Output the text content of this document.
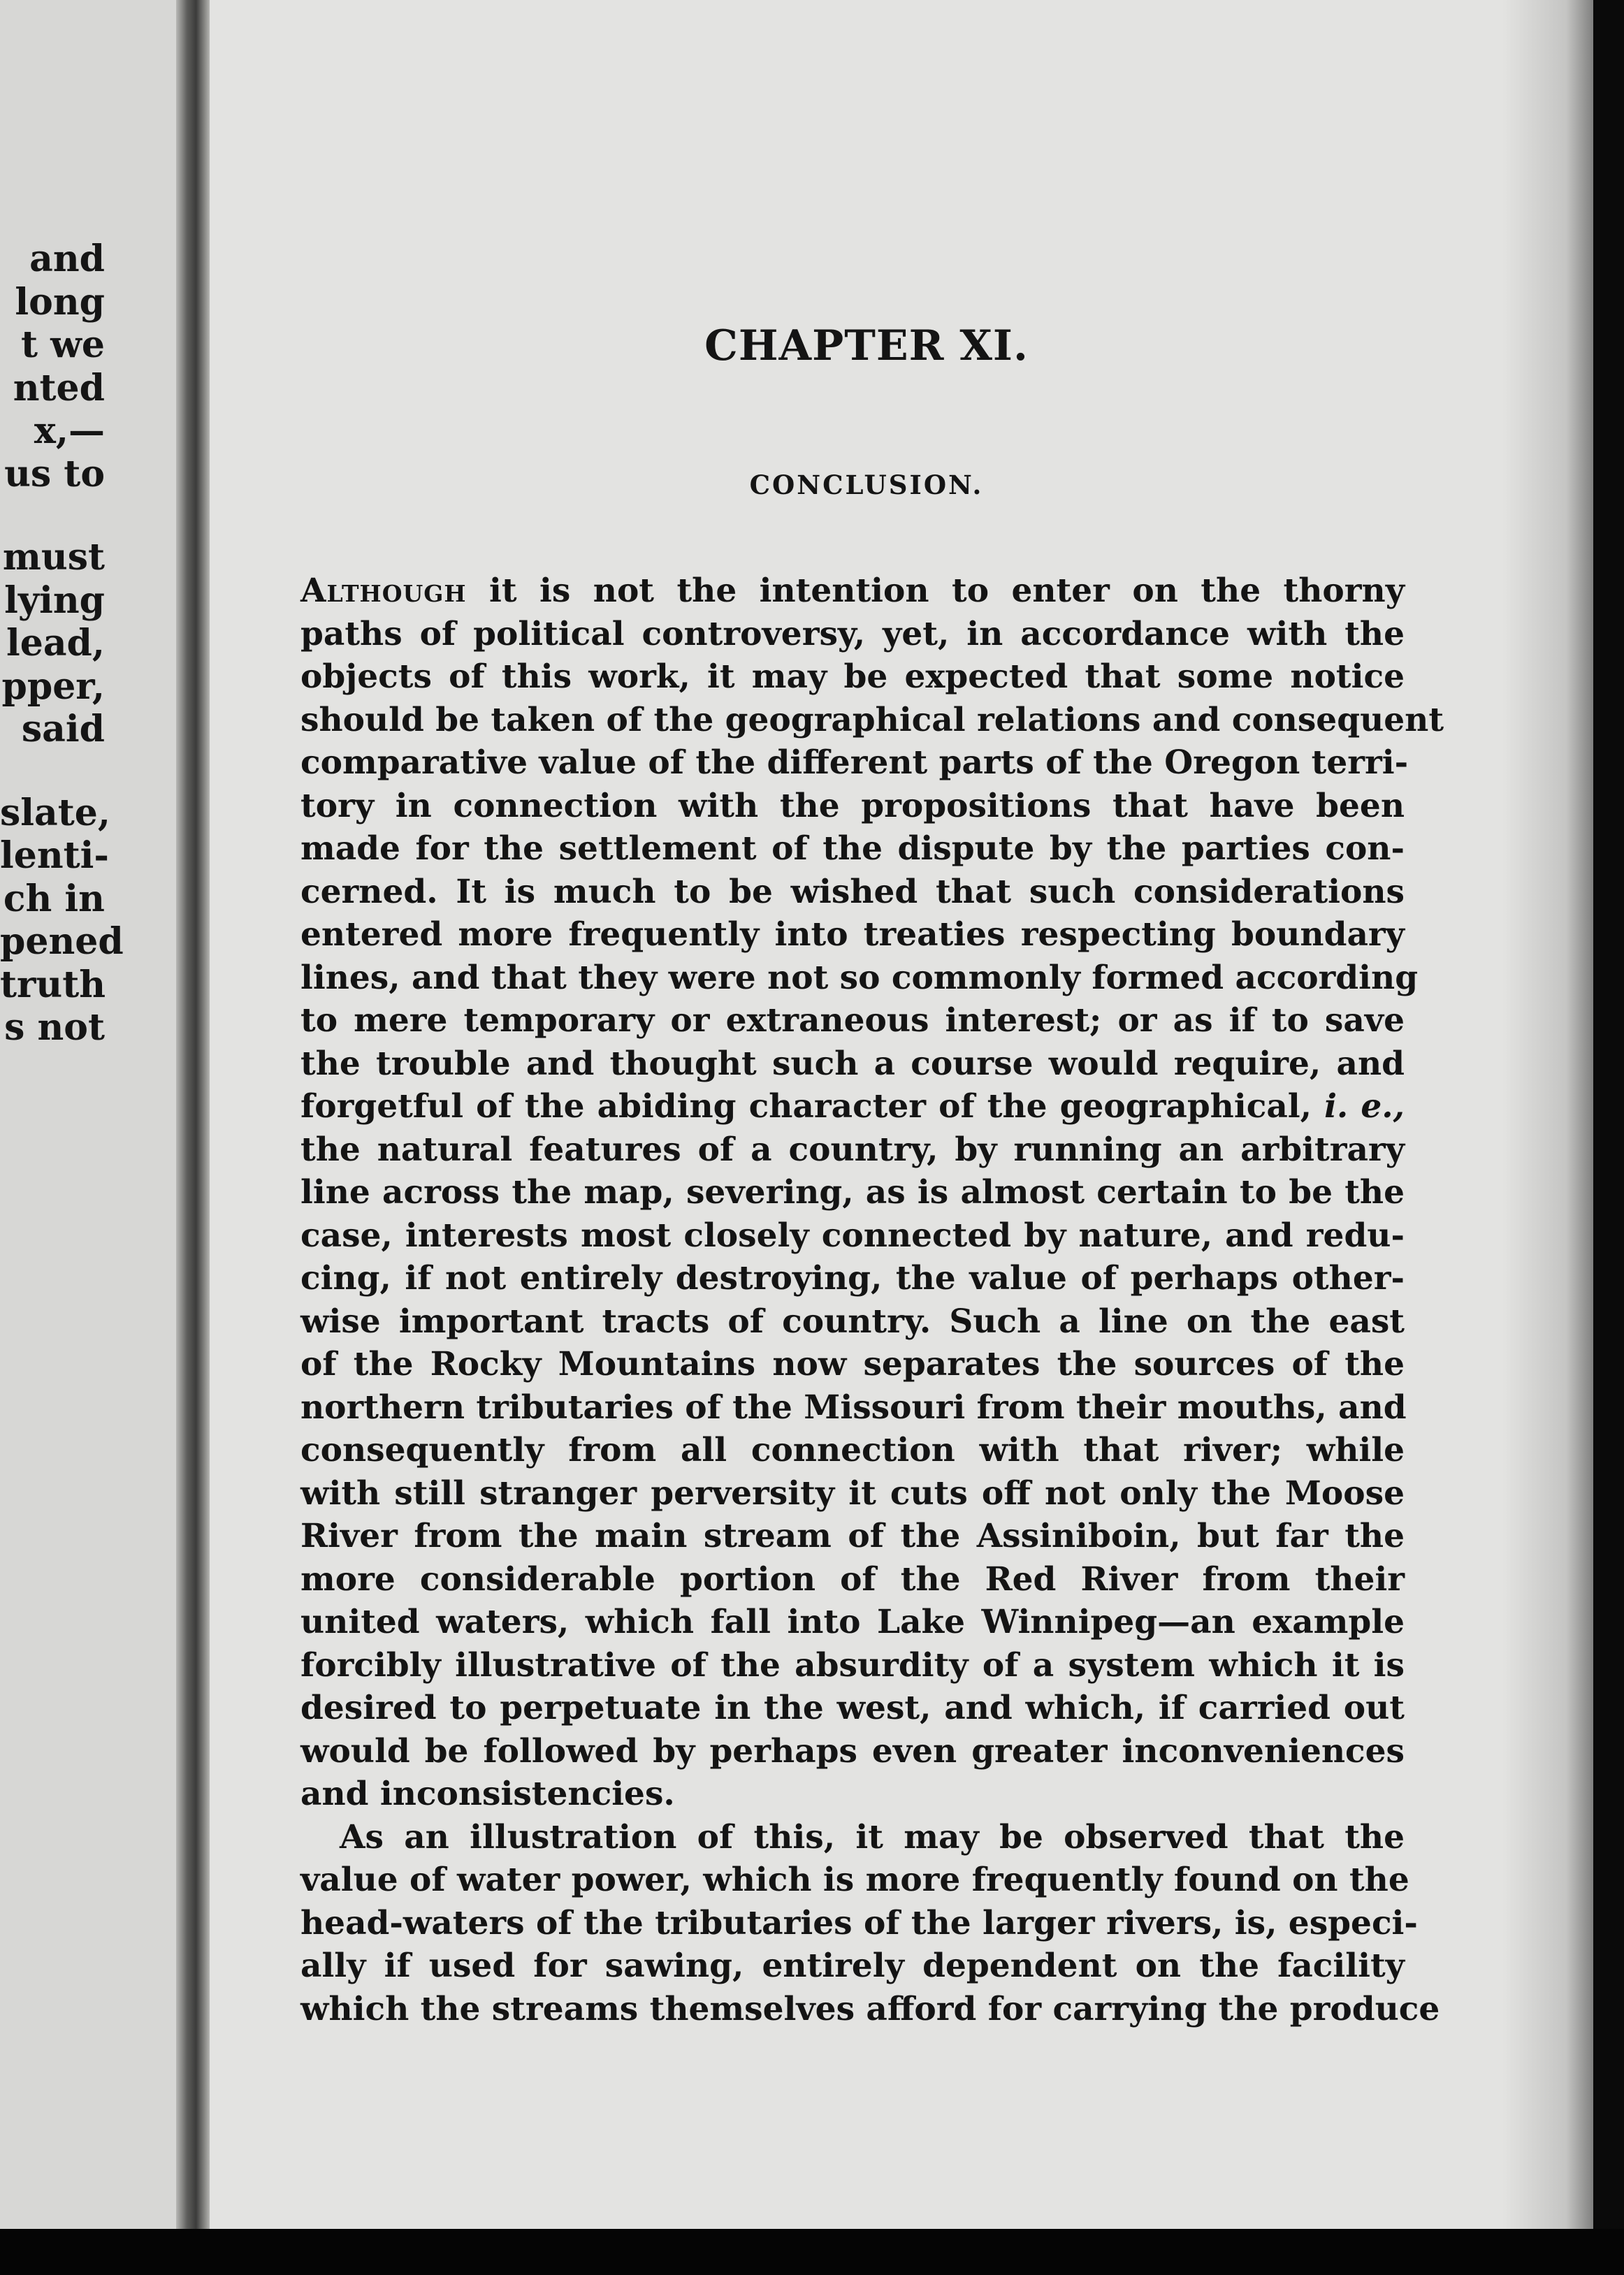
and
long
t we
nted
x,—
us to
must
lying
lead,
pper,
said
slate,
lenti-
ch in
pened
truth
s not
CHAPTER XI.
CONCLUSION.
Although it is not the intention to enter on the thorny
paths of political controversy, yet, in accordance with the
objects of this work, it may be expected that some notice
should be taken of the geographical relations and consequent
comparative value of the different parts of the Oregon terri-
tory in connection with the propositions that have been
made for the settlement of the dispute by the parties con-
cerned. It is much to be wished that such considerations
entered more frequently into treaties respecting boundary
lines, and that they were not so commonly formed according
to mere temporary or extraneous interest; or as if to save
the trouble and thought such a course would require, and
forgetful of the abiding character of the geographical, i. e.,
the natural features of a country, by running an arbitrary
line across the map, severing, as is almost certain to be the
case, interests most closely connected by nature, and redu-
cing, if not entirely destroying, the value of perhaps other-
wise important tracts of country. Such a line on the east
of the Rocky Mountains now separates the sources of the
northern tributaries of the Missouri from their mouths, and
consequently from all connection with that river; while
with still stranger perversity it cuts off not only the Moose
River from the main stream of the Assiniboin, but far the
more considerable portion of the Red River from their
united waters, which fall into Lake Winnipeg—an example
forcibly illustrative of the absurdity of a system which it is
desired to perpetuate in the west, and which, if carried out
would be followed by perhaps even greater inconveniences
and inconsistencies.
As an illustration of this, it may be observed that the
value of water power, which is more frequently found on the
head-waters of the tributaries of the larger rivers, is, especi-
ally if used for sawing, entirely dependent on the facility
which the streams themselves afford for carrying the produce
